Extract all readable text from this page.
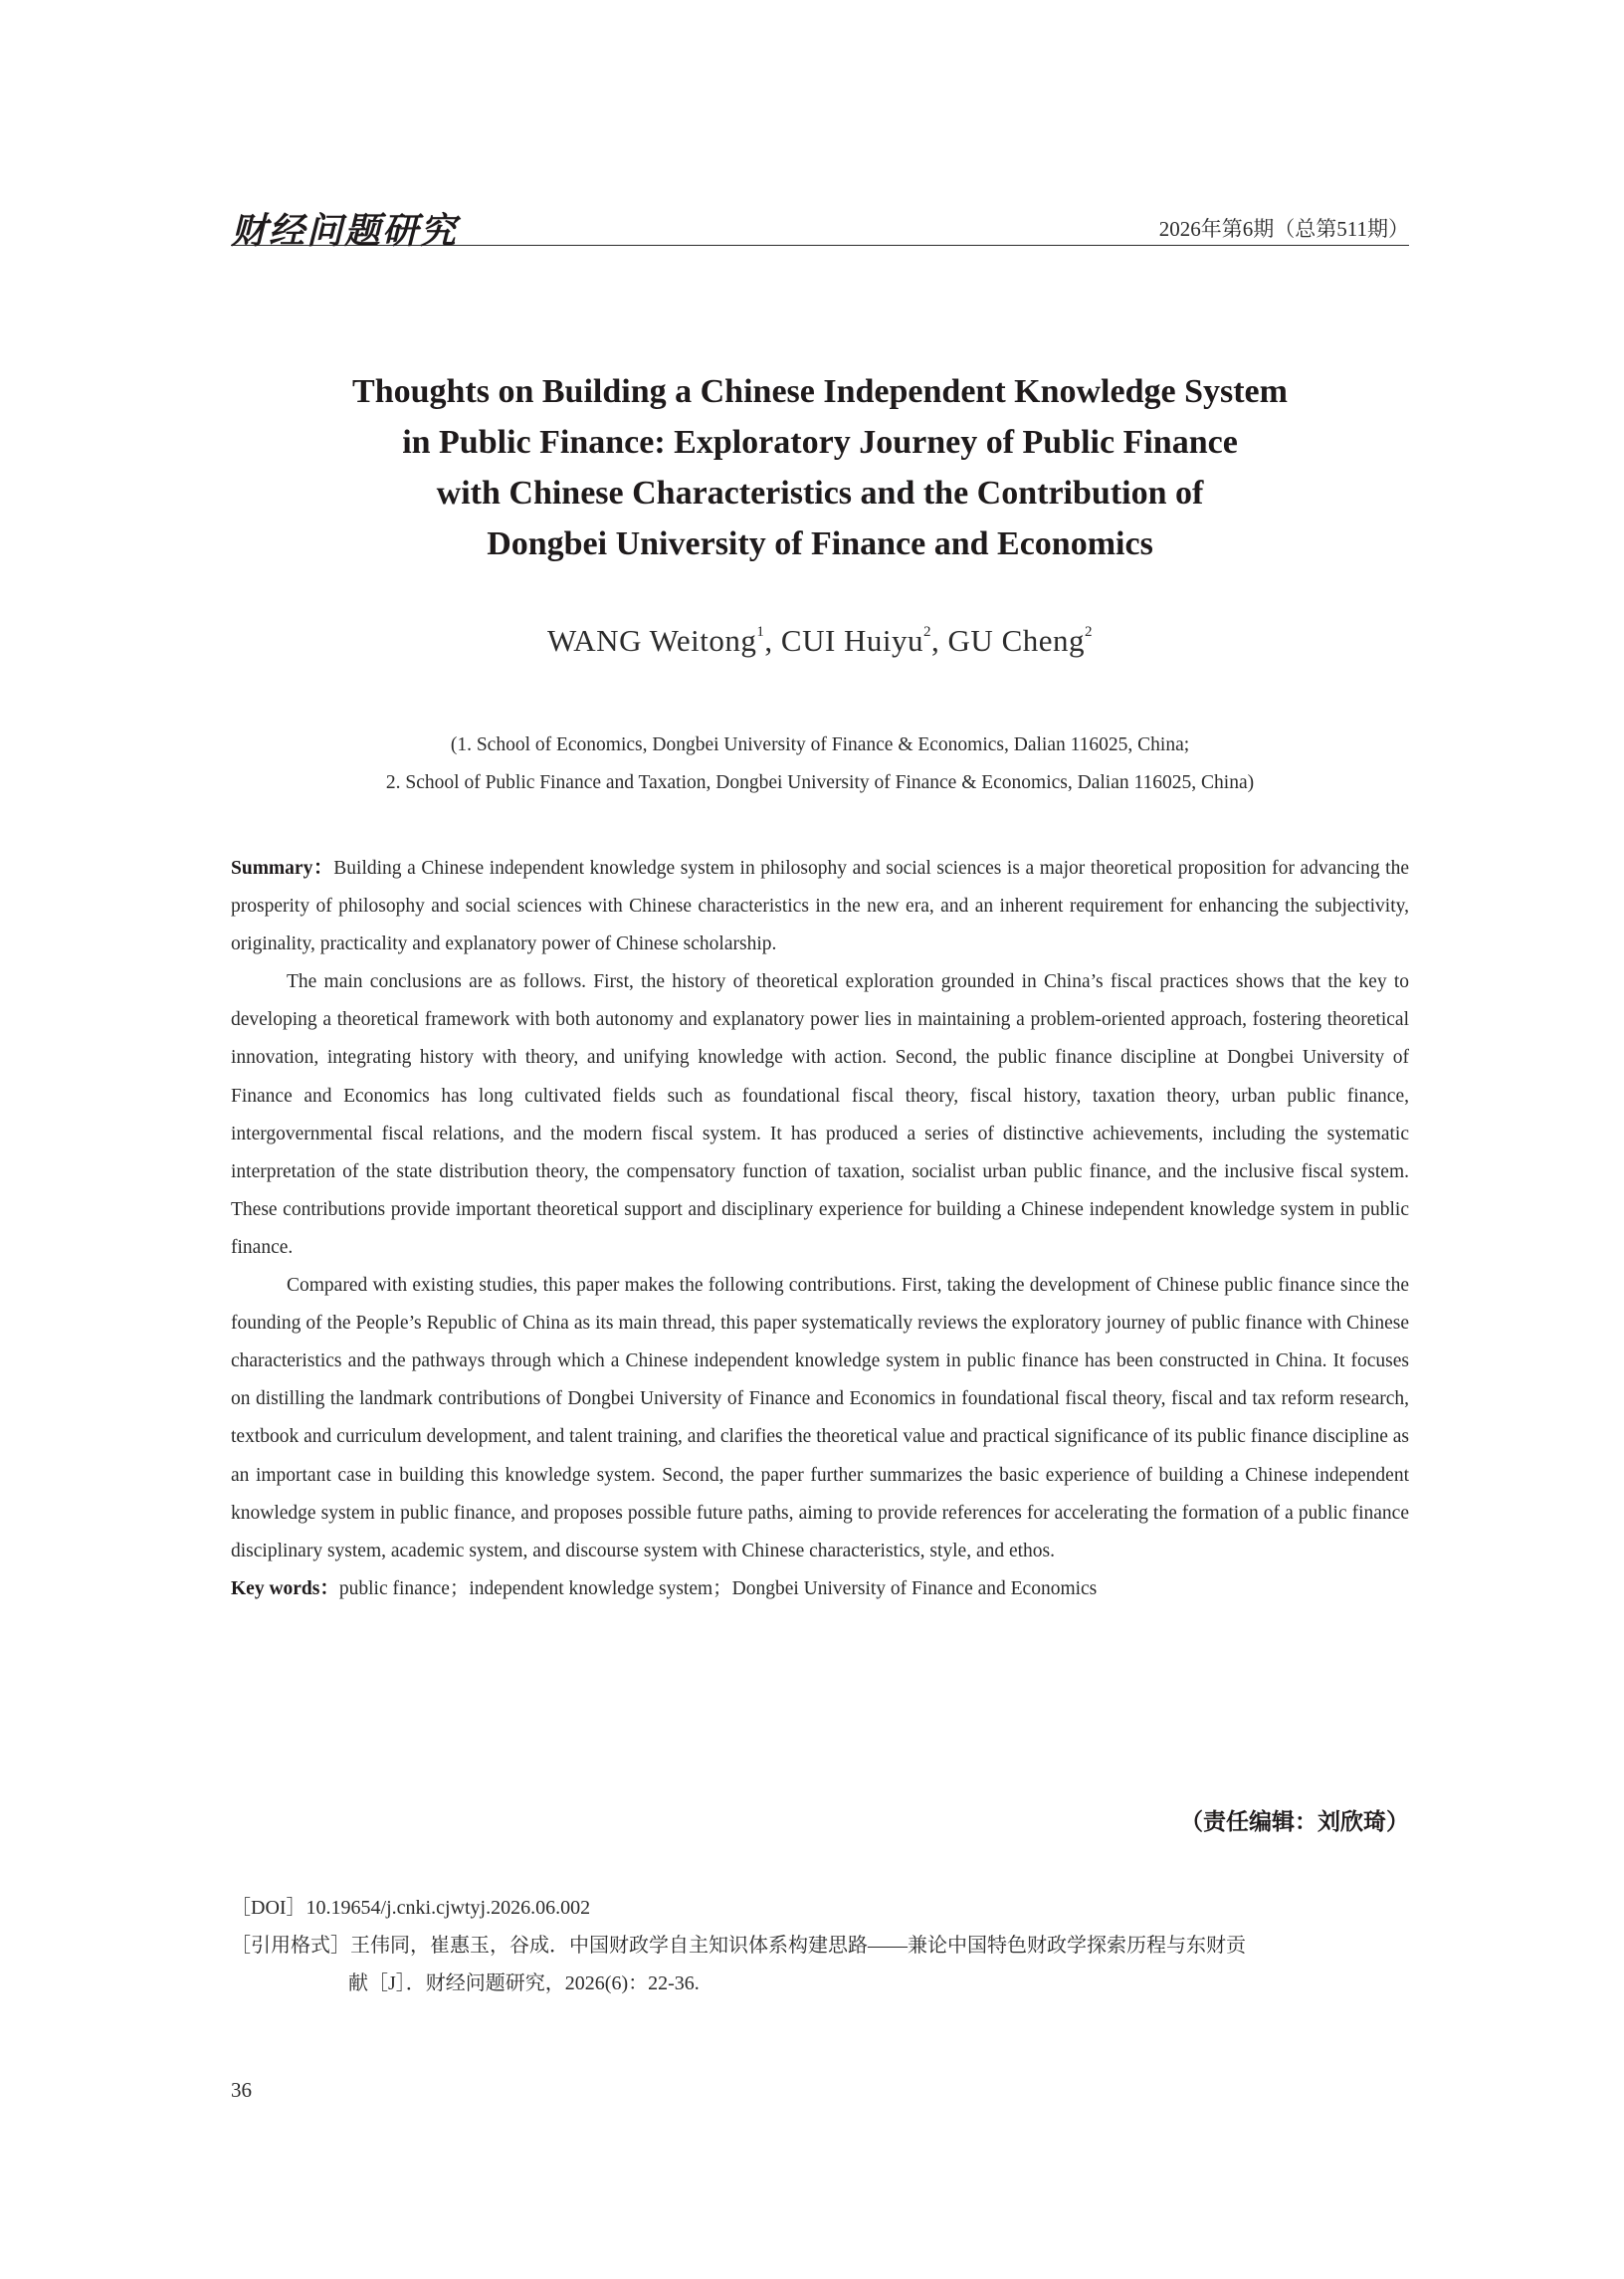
财经问题研究	2026年第6期（总第511期）
Thoughts on Building a Chinese Independent Knowledge System
in Public Finance: Exploratory Journey of Public Finance
with Chinese Characteristics and the Contribution of
Dongbei University of Finance and Economics
WANG Weitong$^1$, CUI Huiyu$^2$, GU Cheng$^2$
(1. School of Economics, Dongbei University of Finance & Economics, Dalian 116025, China;
2. School of Public Finance and Taxation, Dongbei University of Finance & Economics, Dalian 116025, China)

Summary：Building a Chinese independent knowledge system in philosophy and social sciences is a major theoretical proposition for advancing the prosperity of philosophy and social sciences with Chinese characteristics in the new era, and an inherent requirement for enhancing the subjectivity, originality, practicality and explanatory power of Chinese scholarship.

The main conclusions are as follows. First, the history of theoretical exploration grounded in China’s fiscal practices shows that the key to developing a theoretical framework with both autonomy and explanatory power lies in maintaining a problem-oriented approach, fostering theoretical innovation, integrating history with theory, and unifying knowledge with action. Second, the public finance discipline at Dongbei University of Finance and Economics has long cultivated fields such as foundational fiscal theory, fiscal history, taxation theory, urban public finance, intergovernmental fiscal relations, and the modern fiscal system. It has produced a series of distinctive achievements, including the systematic interpretation of the state distribution theory, the compensatory function of taxation, socialist urban public finance, and the inclusive fiscal system. These contributions provide important theoretical support and disciplinary experience for building a Chinese independent knowledge system in public finance.

Compared with existing studies, this paper makes the following contributions. First, taking the development of Chinese public finance since the founding of the People’s Republic of China as its main thread, this paper systematically reviews the exploratory journey of public finance with Chinese characteristics and the pathways through which a Chinese independent knowledge system in public finance has been constructed in China. It focuses on distilling the landmark contributions of Dongbei University of Finance and Economics in foundational fiscal theory, fiscal and tax reform research, textbook and curriculum development, and talent training, and clarifies the theoretical value and practical significance of its public finance discipline as an important case in building this knowledge system. Second, the paper further summarizes the basic experience of building a Chinese independent knowledge system in public finance, and proposes possible future paths, aiming to provide references for accelerating the formation of a public finance disciplinary system, academic system, and discourse system with Chinese characteristics, style, and ethos.

Key words：public finance；independent knowledge system；Dongbei University of Finance and Economics

（责任编辑：刘欣琦）
［DOI］10.19654/j.cnki.cjwtyj.2026.06.002
［引用格式］王伟同，崔惠玉，谷成．中国财政学自主知识体系构建思路——兼论中国特色财政学探索历程与东财贡
献［J］．财经问题研究，2026(6)：22-36.
36
